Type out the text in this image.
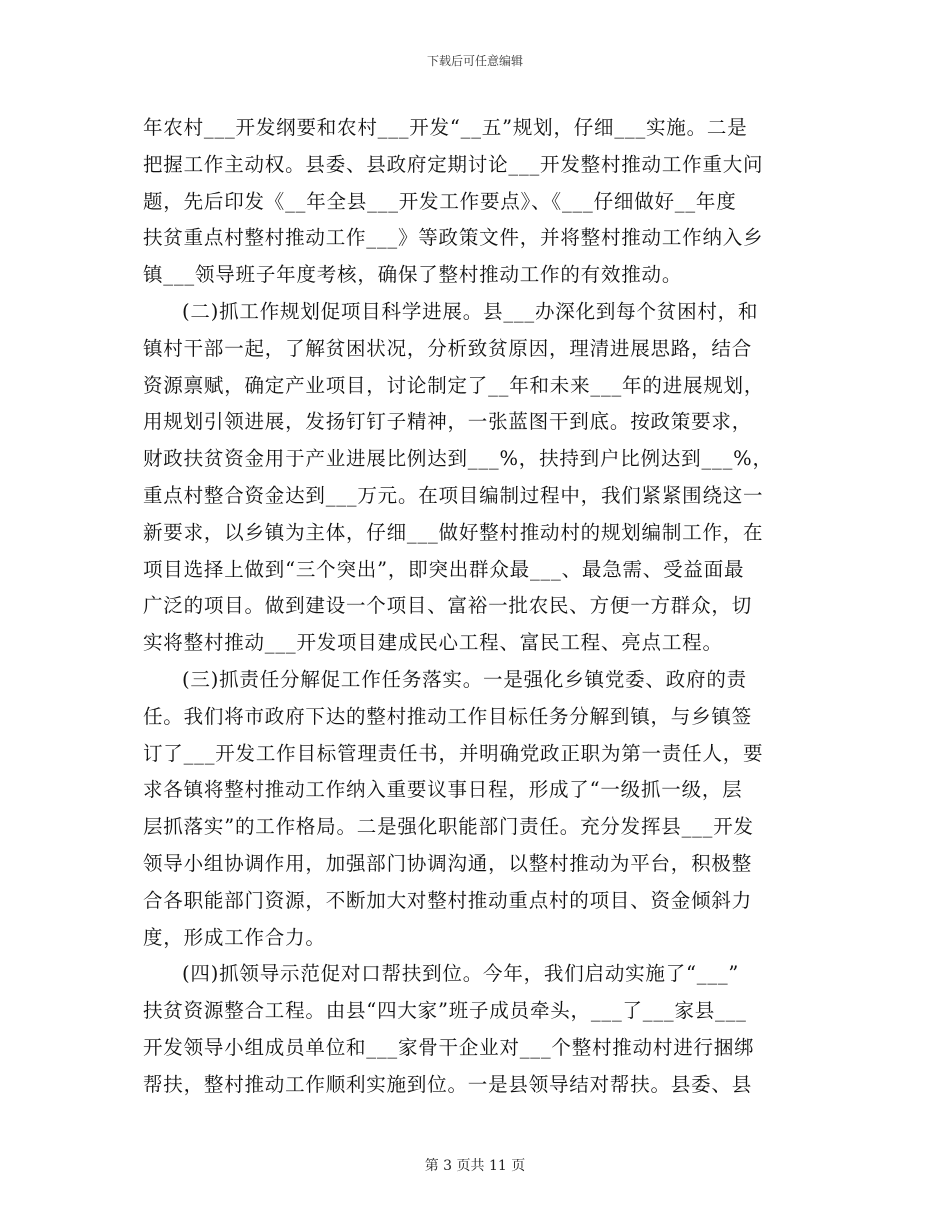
下载后可任意编辑
年农村___开发纲要和农村___开发“__五”规划，仔细___实施。二是
把握工作主动权。县委、县政府定期讨论___开发整村推动工作重大问
题，先后印发《__年全县___开发工作要点》、《___仔细做好__年度
扶贫重点村整村推动工作___》等政策文件，并将整村推动工作纳入乡
镇___领导班子年度考核，确保了整村推动工作的有效推动。
(二)抓工作规划促项目科学进展。县___办深化到每个贫困村，和
镇村干部一起，了解贫困状况，分析致贫原因，理清进展思路，结合
资源禀赋，确定产业项目，讨论制定了__年和未来___年的进展规划，
用规划引领进展，发扬钉钉子精神，一张蓝图干到底。按政策要求，
财政扶贫资金用于产业进展比例达到___%，扶持到户比例达到___%，
重点村整合资金达到___万元。在项目编制过程中，我们紧紧围绕这一
新要求，以乡镇为主体，仔细___做好整村推动村的规划编制工作，在
项目选择上做到“三个突出”，即突出群众最___、最急需、受益面最
广泛的项目。做到建设一个项目、富裕一批农民、方便一方群众，切
实将整村推动___开发项目建成民心工程、富民工程、亮点工程。
(三)抓责任分解促工作任务落实。一是强化乡镇党委、政府的责
任。我们将市政府下达的整村推动工作目标任务分解到镇，与乡镇签
订了___开发工作目标管理责任书，并明确党政正职为第一责任人，要
求各镇将整村推动工作纳入重要议事日程，形成了“一级抓一级，层
层抓落实”的工作格局。二是强化职能部门责任。充分发挥县___开发
领导小组协调作用，加强部门协调沟通，以整村推动为平台，积极整
合各职能部门资源，不断加大对整村推动重点村的项目、资金倾斜力
度，形成工作合力。
(四)抓领导示范促对口帮扶到位。今年，我们启动实施了“___”
扶贫资源整合工程。由县“四大家”班子成员牵头，___了___家县___
开发领导小组成员单位和___家骨干企业对___个整村推动村进行捆绑
帮扶，整村推动工作顺利实施到位。一是县领导结对帮扶。县委、县
第 3 页共 11 页
